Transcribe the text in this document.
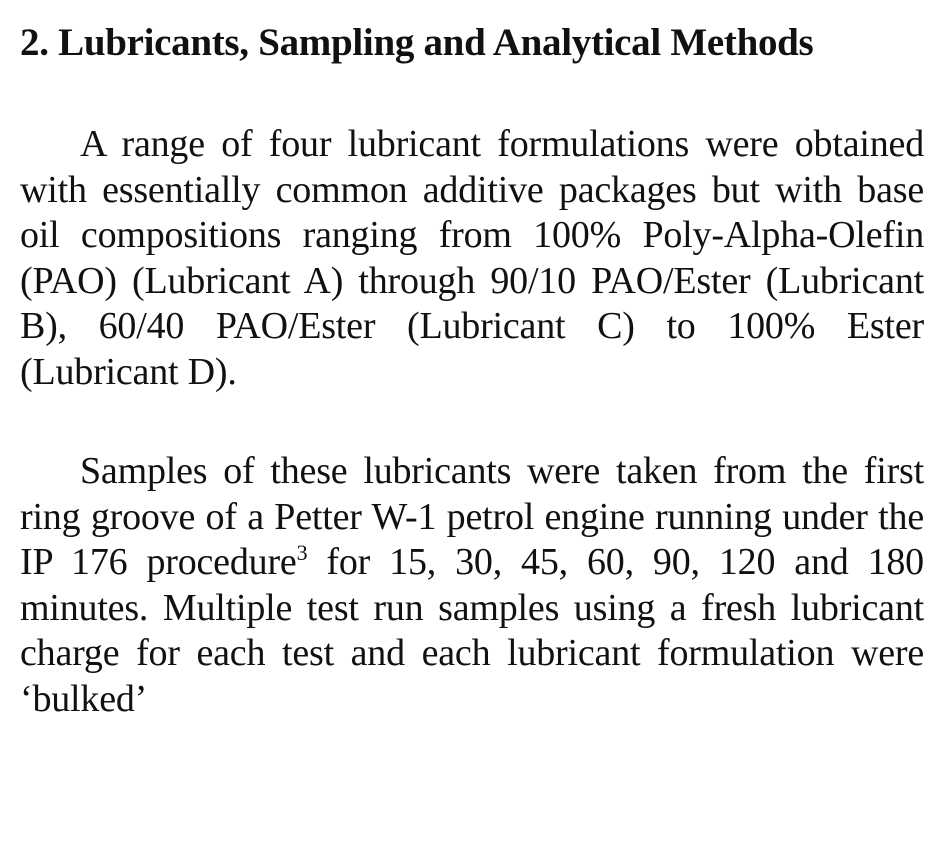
2. Lubricants, Sampling and Analytical Methods

A range of four lubricant formulations were obtained with essentially common additive packages but with base oil compositions ranging from 100% Poly-Alpha-Olefin (PAO) (Lubricant A) through 90/10 PAO/Ester (Lubricant B), 60/40 PAO/Ester (Lubricant C) to 100% Ester (Lubricant D).

Samples of these lubricants were taken from the first ring groove of a Petter W-1 petrol engine running under the IP 176 procedure$^3$ for 15, 30, 45, 60, 90, 120 and 180 minutes. Multiple test run samples using a fresh lubricant charge for each test and each lubricant formulation were ‘bulked’
